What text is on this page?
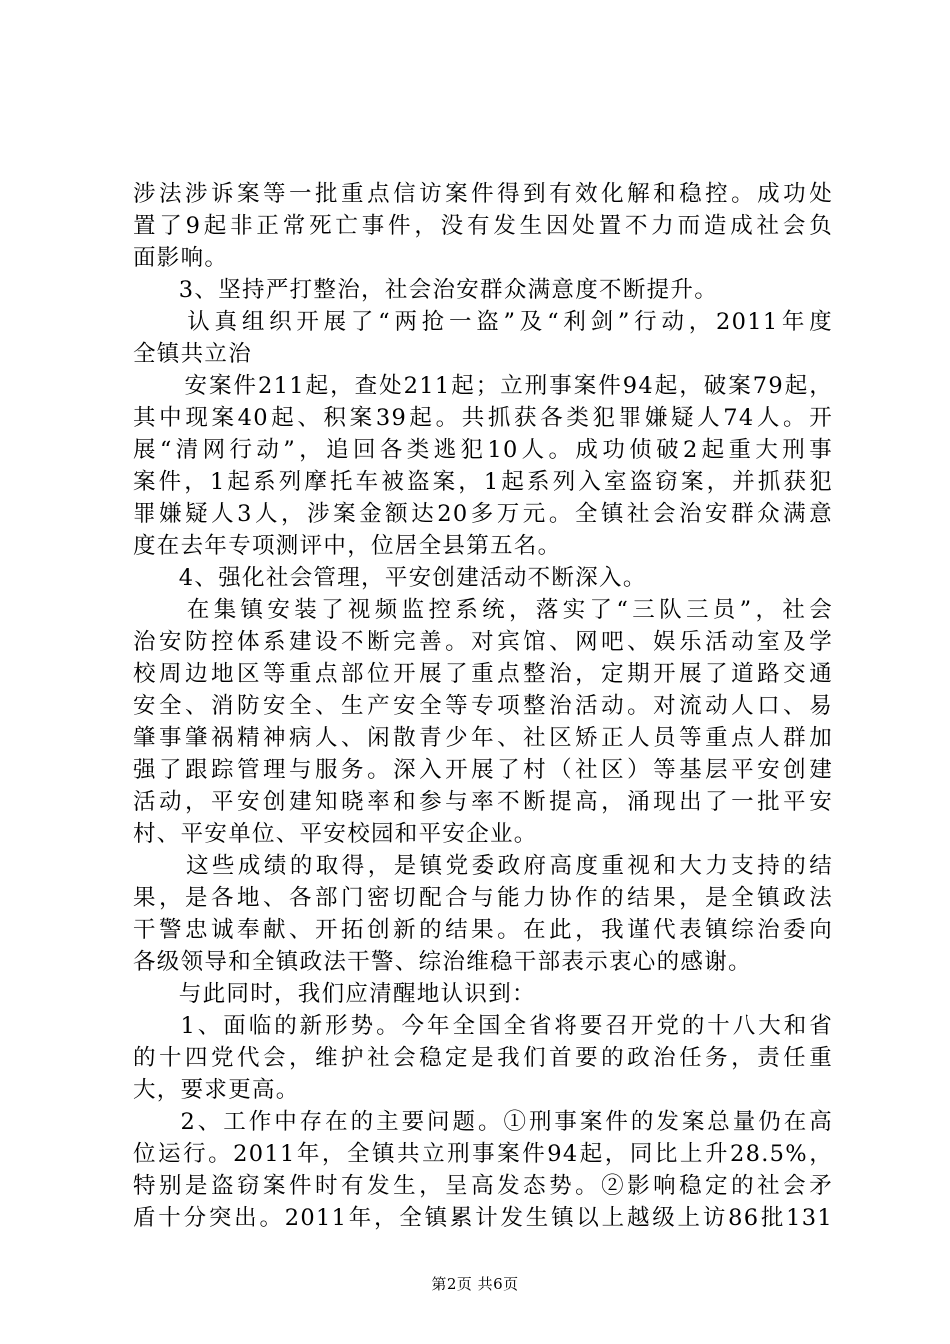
涉法涉诉案等一批重点信访案件得到有效化解和稳控。成功处
置了9起非正常死亡事件，没有发生因处置不力而造成社会负
面影响。
　3、坚持严打整治，社会治安群众满意度不断提升。
　认真组织开展了“两抢一盗”及“利剑”行动，2011年度
全镇共立治
　安案件211起，查处211起；立刑事案件94起，破案79起，
其中现案40起、积案39起。共抓获各类犯罪嫌疑人74人。开
展“清网行动”，追回各类逃犯10人。成功侦破2起重大刑事
案件，1起系列摩托车被盗案，1起系列入室盗窃案，并抓获犯
罪嫌疑人3人，涉案金额达20多万元。全镇社会治安群众满意
度在去年专项测评中，位居全县第五名。
　4、强化社会管理，平安创建活动不断深入。
　在集镇安装了视频监控系统，落实了“三队三员”，社会
治安防控体系建设不断完善。对宾馆、网吧、娱乐活动室及学
校周边地区等重点部位开展了重点整治，定期开展了道路交通
安全、消防安全、生产安全等专项整治活动。对流动人口、易
肇事肇祸精神病人、闲散青少年、社区矫正人员等重点人群加
强了跟踪管理与服务。深入开展了村（社区）等基层平安创建
活动，平安创建知晓率和参与率不断提高，涌现出了一批平安
村、平安单位、平安校园和平安企业。
　这些成绩的取得，是镇党委政府高度重视和大力支持的结
果，是各地、各部门密切配合与能力协作的结果，是全镇政法
干警忠诚奉献、开拓创新的结果。在此，我谨代表镇综治委向
各级领导和全镇政法干警、综治维稳干部表示衷心的感谢。
　与此同时，我们应清醒地认识到：
　1、面临的新形势。今年全国全省将要召开党的十八大和省
的十四党代会，维护社会稳定是我们首要的政治任务，责任重
大，要求更高。
　2、工作中存在的主要问题。①刑事案件的发案总量仍在高
位运行。2011年，全镇共立刑事案件94起，同比上升28.5%，
特别是盗窃案件时有发生，呈高发态势。②影响稳定的社会矛
盾十分突出。2011年，全镇累计发生镇以上越级上访86批131
第2页 共6页
